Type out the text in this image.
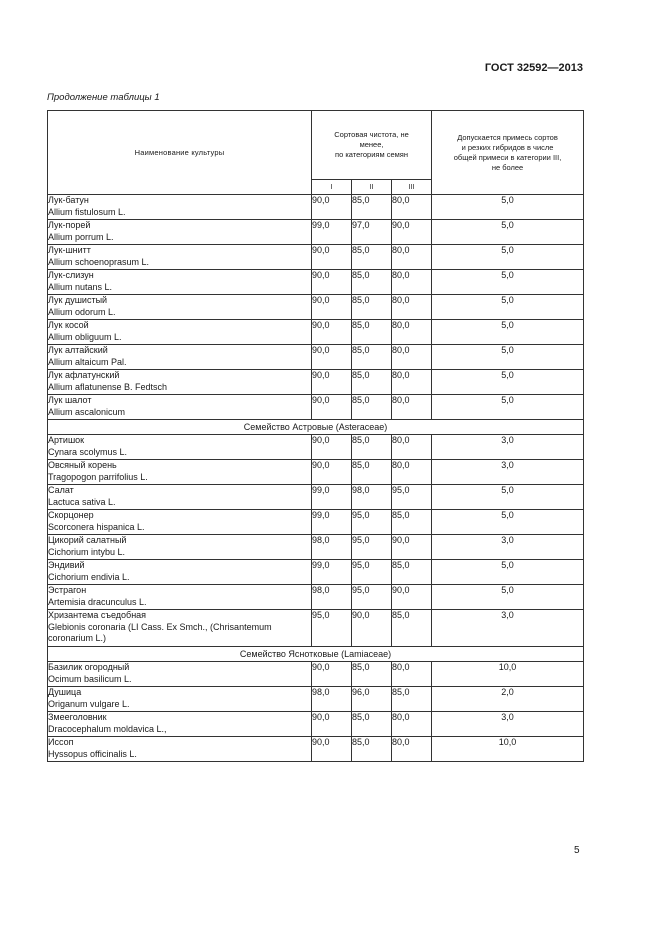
ГОСТ 32592—2013
Продолжение таблицы 1
Наименование культуры	Сортовая чистота, не
менее,
по категориям семян			Допускается примесь сортов
и резких гибридов в числе
общей примеси в категории III,
не более

	I	II	III	

Лук-батун
Allium fistulosum L.	90,0	85,0	80,0	5,0

Лук-порей
Allium porrum L.	99,0	97,0	90,0	5,0

Лук-шнитт
Allium schoenoprasum L.	90,0	85,0	80,0	5,0

Лук-слизун
Allium nutans L.	90,0	85,0	80,0	5,0

Лук душистый
Allium odorum L.	90,0	85,0	80,0	5,0

Лук косой
Allium obliguum L.	90,0	85,0	80,0	5,0

Лук алтайский
Allium altaicum Pal.	90,0	85,0	80,0	5,0

Лук афлатунский
Allium aflatunense B. Fedtsch	90,0	85,0	80,0	5,0

Лук шалот
Allium ascalonicum	90,0	85,0	80,0	5,0
Семейство Астровые (Asteraceae)				

Артишок
Cynara scolymus L.	90,0	85,0	80,0	3,0

Овсяный корень
Tragopogon parrifolius L.	90,0	85,0	80,0	3,0

Салат
Lactuca sativa L.	99,0	98,0	95,0	5,0

Скорцонер
Scorconera hispanica L.	99,0	95,0	85,0	5,0

Цикорий салатный
Cichorium intybu L.	98,0	95,0	90,0	3,0

Эндивий
Cichorium endivia L.	99,0	95,0	85,0	5,0

Эстрагон
Artemisia dracunculus L.	98,0	95,0	90,0	5,0

Хризантема съедобная
Glebionis coronaria (LI Cass. Ex Smch., (Chrisantemum
coronarium L.)	95,0	90,0	85,0	3,0
Семейство Яснотковые (Lamiaceae)				

Базилик огородный
Ocimum basilicum L.	90,0	85,0	80,0	10,0

Душица
Origanum vulgare L.	98,0	96,0	85,0	2,0

Змееголовник
Dracocephalum moldavica L.,	90,0	85,0	80,0	3,0

Иссоп
Hyssopus officinalis L.	90,0	85,0	80,0	10,0
5
